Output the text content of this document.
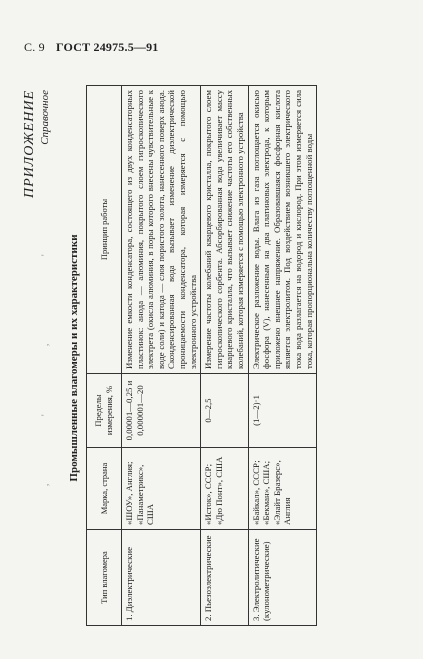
С. 9 ГОСТ 24975.5—91
ПРИЛОЖЕНИЕ Справочное
,
'
,
' Промышленные влагомеры и их характеристики
Тип влагомера	Марка, страна	Пределы измерения, %	Принцип работы
1. Диэлектрические	«ШОУ», Англия; «Панаметрикс», США	0,00001—0,25 и 0,000001—20	Изменение емкости конденсатора, состоящего из двух конденсаторных пластинок: анода — алюминия, покрытого слоем гигроскопического электрета (окисла алюминия, в поры которого внесены чувствительные к воде соли) и катода — слоя пористого золота, нанесенного поверх анода. Сконденсированная вода вызывает изменение диэлектрической проницаемости конденсатора, которая измеряется с помощью электронного устройства

2. Пьезоэлектрические	«Исток», СССР; «Дю Понт», США	0—2,5	Измерение частоты колебаний кварцевого кристалла, покрытого слоем гигроскопического сорбента. Абсорбированная вода увеличивает массу кварцевого кристалла, что вызывает снижение частоты его собственных колебаний, которая измеряется с помощью электронного устройства

3. Электролитические (кулонометрические)	«Байкал», СССР; «Бекман», США; «Элайт Бразерс», Англия	(1—2)·1	Электрическое разложение воды. Влага из газа поглощается окисью фосфора (V), нанесенным на два платиновых электрода, к которым приложено внешнее напряжение. Образовавшаяся фосфорная кислота является электролитом. Под воздействием возникшего электрического тока вода разлагается на водород и кислород. При этом измеряется сила тока, которая пропорциональна количеству поглощенной воды
